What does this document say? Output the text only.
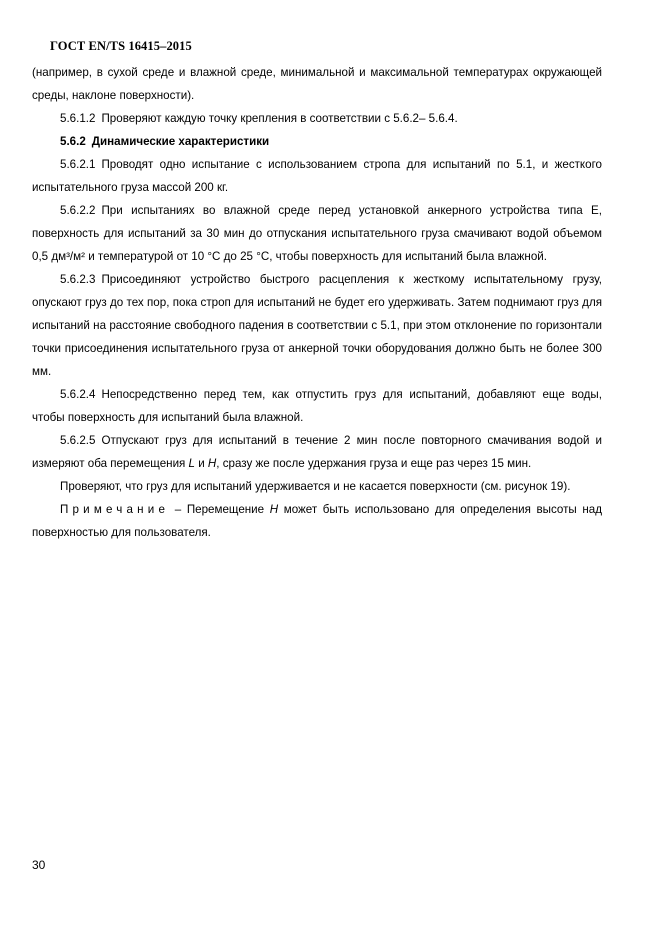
ГОСТ EN/TS 16415–2015

(например, в сухой среде и влажной среде, минимальной и максимальной температурах окружающей среды, наклоне поверхности).

5.6.1.2 Проверяют каждую точку крепления в соответствии с 5.6.2– 5.6.4.

5.6.2 Динамические характеристики

5.6.2.1 Проводят одно испытание с использованием стропа для испытаний по 5.1, и жесткого испытательного груза массой 200 кг.

5.6.2.2 При испытаниях во влажной среде перед установкой анкерного устройства типа E, поверхность для испытаний за 30 мин до отпускания испытательного груза смачивают водой объемом 0,5 дм³/м² и температурой от 10 °C до 25 °C, чтобы поверхность для испытаний была влажной.

5.6.2.3 Присоединяют устройство быстрого расцепления к жесткому испытательному грузу, опускают груз до тех пор, пока строп для испытаний не будет его удерживать. Затем поднимают груз для испытаний на расстояние свободного падения в соответствии с 5.1, при этом отклонение по горизонтали точки присоединения испытательного груза от анкерной точки оборудования должно быть не более 300 мм.

5.6.2.4 Непосредственно перед тем, как отпустить груз для испытаний, добавляют еще воды, чтобы поверхность для испытаний была влажной.

5.6.2.5 Отпускают груз для испытаний в течение 2 мин после повторного смачивания водой и измеряют оба перемещения L и H, сразу же после удержания груза и еще раз через 15 мин.

Проверяют, что груз для испытаний удерживается и не касается поверхности (см. рисунок 19).

Примечание – Перемещение H может быть использовано для определения высоты над поверхностью для пользователя.

30
